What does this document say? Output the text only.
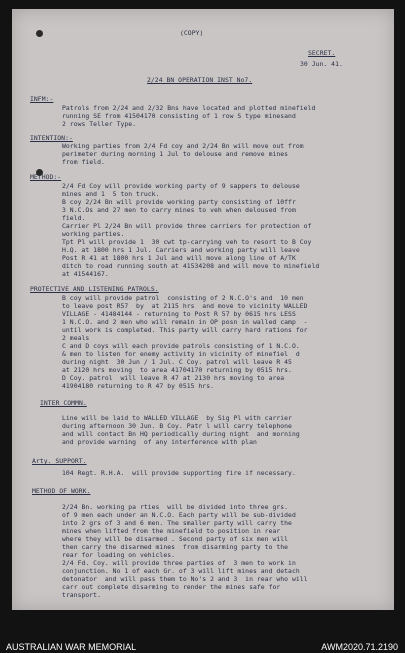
(COPY)
SECRET.
30 Jun. 41.
2/24 BN OPERATION INST No7.
INFM:-
Patrols from 2/24 and 2/32 Bns have located and plotted minefield
running SE from 41504170 consisting of 1 row S type minesand
2 rows Teller Type.
INTENTION:-
Working parties from 2/4 Fd coy and 2/24 Bn will move out from
perimeter during morning 1 Jul to delouse and remove mines
from field.
METHOD:-
2/4 Fd Coy will provide working party of 9 sappers to delouse
mines and 1  5 ton truck.
B coy 2/24 Bn will provide working party consisting of 10ffr
3 N.C.Os and 27 men to carry mines to veh when deloused from
field.
Carrier Pl 2/24 Bn will provide three carriers for protection of
working parties.
Tpt Pl will provide 1  30 cwt tp-carrying veh to resort to B Coy
H.Q. at 1800 hrs 1 Jul. Carriers and working party will leave
Post R 41 at 1800 hrs 1 Jul and will move along line of A/TK
ditch to road running south at 41534208 and will move to minefield
at 41544167.
PROTECTIVE AND LISTENING PATROLS.
B coy will provide patrol  consisting of 2 N.C.O's and  10 men
to leave post R57  by  at 2115 hrs  and move to vicinity WALLED
VILLAGE - 41484144 - returning to Post R 57 by 0615 hrs LESS
1 N.C.O. and 2 men who will remain in OP posn in walled camp  -
until work is completed. This party will carry hard rations for
2 meals
C and D coys will each provide patrols consisting of 1 N.C.O.
& men to listen for enemy activity in vicinity of minefiel  d
during night  30 Jun / 1 Jul. C Coy. patrol will leave R 45
at 2120 hrs moving  to area 41704170 returning by 0515 hrs.
D Coy. patrol  will leave R 47 at 2130 hrs moving to area
41904180 returning to R 47 by 0515 hrs.
INTER COMMN.
Line will be laid to WALLED VILLAGE  by Sig Pl with carrier
during afternoon 30 Jun. B Coy. Patr l will carry telephone
and will contact Bn HQ periodically during night  and morning
and provide warning  of any interference with plan
Arty. SUPPORT.
104 Regt. R.H.A.  will provide supporting fire if necessary.
METHOD OF WORK.
2/24 Bn. working pa rties  will be divided into three grs.
of 9 men each under an N.C.O. Each party will be sub-divided
into 2 grs of 3 and 6 men. The smaller party will carry the
mines when lifted from the minefield to position in rear
where they will be disarmed . Second party of six men will
then carry the disarmed mines  from disarming party to the
rear for loading on vehicles.
2/4 Fd. Coy. will provide three parties of  3 men to work in
conjunction. No 1 of each Gr. of 3 will lift mines and detach
detonator  and will pass them to No's 2 and 3  in rear who will
carr out complete disarming to render the mines safe for
transport.
AUSTRALIAN WAR MEMORIAL	AWM2020.71.2190
